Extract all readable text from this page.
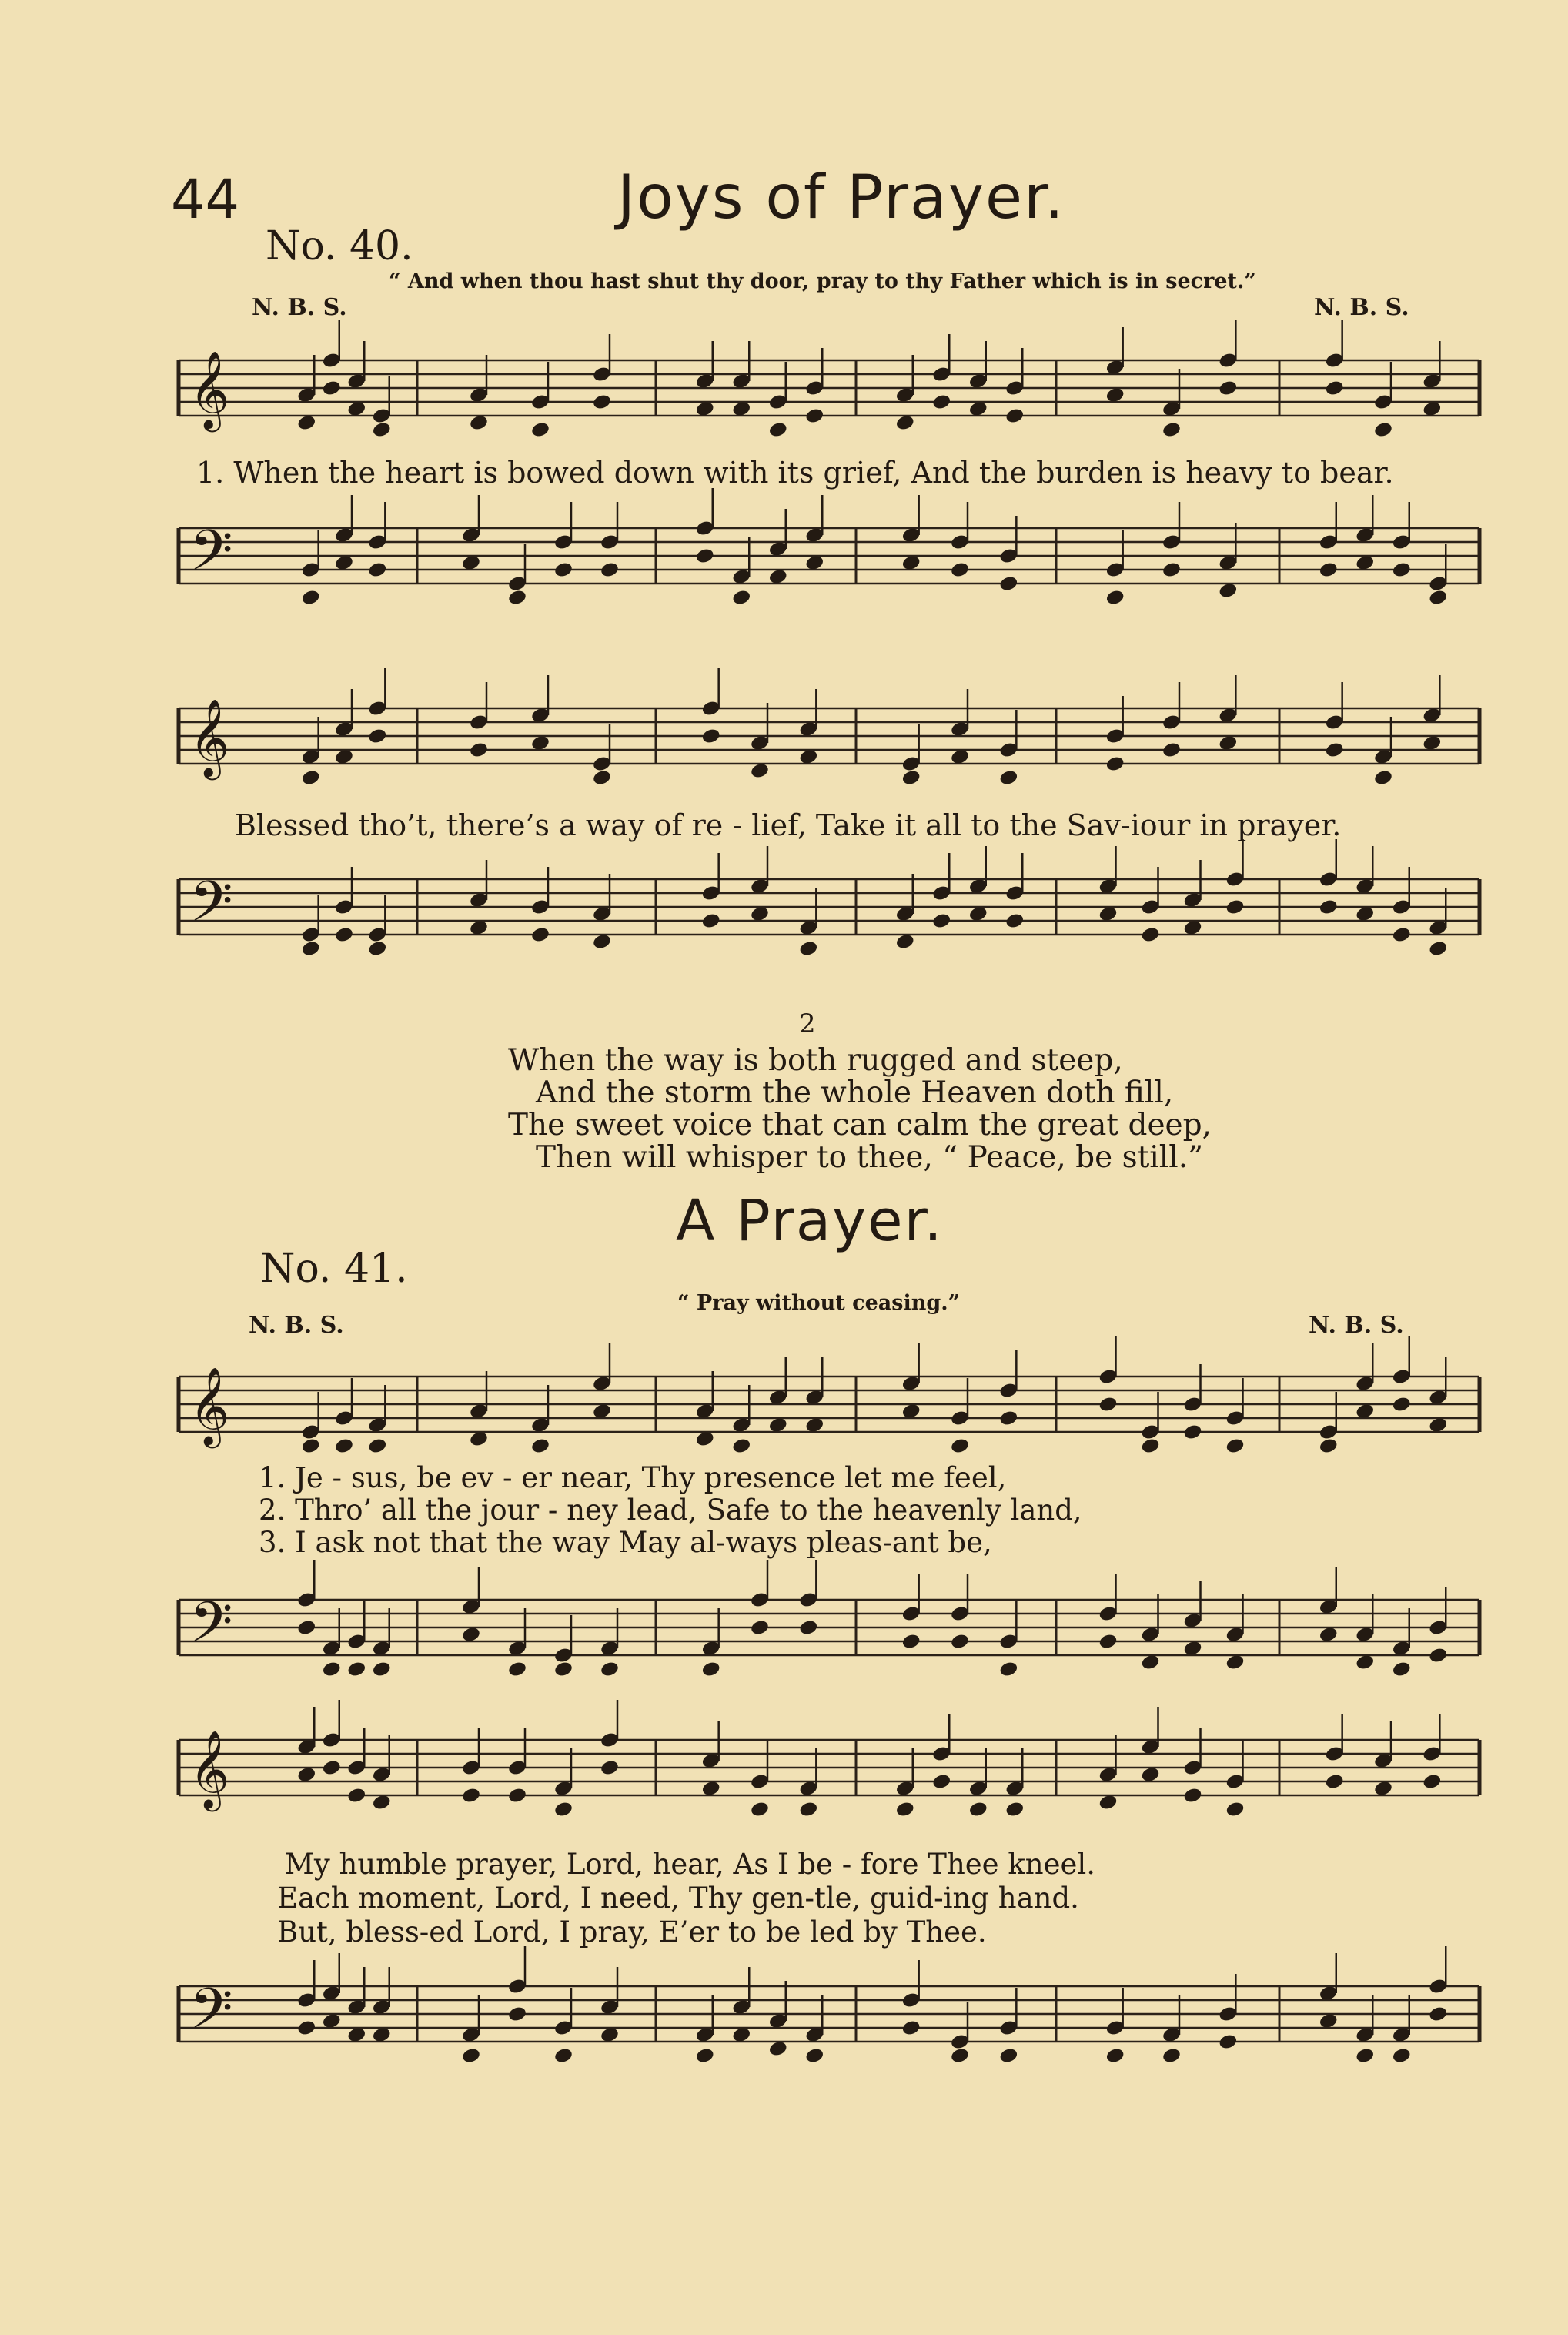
44	Joys of Prayer.
No. 40.
“ And when thou hast shut thy door, pray to thy Father which is in secret.”
N. B. S.	N. B. S.
𝄞
1. When the heart is bowed down with its grief, And the burden is heavy to bear.
𝄢
𝄞
Blessed tho’t, there’s a way of re - lief, Take it all to the Sav-iour in prayer.
𝄢
2
When the way is both rugged and steep,
And the storm the whole Heaven doth fill,
The sweet voice that can calm the great deep,
Then will whisper to thee, “ Peace, be still.”
A Prayer.
No. 41.
“ Pray without ceasing.”
N. B. S.	N. B. S.
𝄞
1. Je - sus, be ev - er near, Thy presence let me feel,
2. Thro’ all the jour - ney lead, Safe to the heavenly land,
3. I ask not that the way May al-ways pleas-ant be,
𝄢
𝄞
My humble prayer, Lord, hear, As I be - fore Thee kneel.
Each moment, Lord, I need, Thy gen-tle, guid-ing hand.
But, bless-ed Lord, I pray, E’er to be led by Thee.
𝄢
